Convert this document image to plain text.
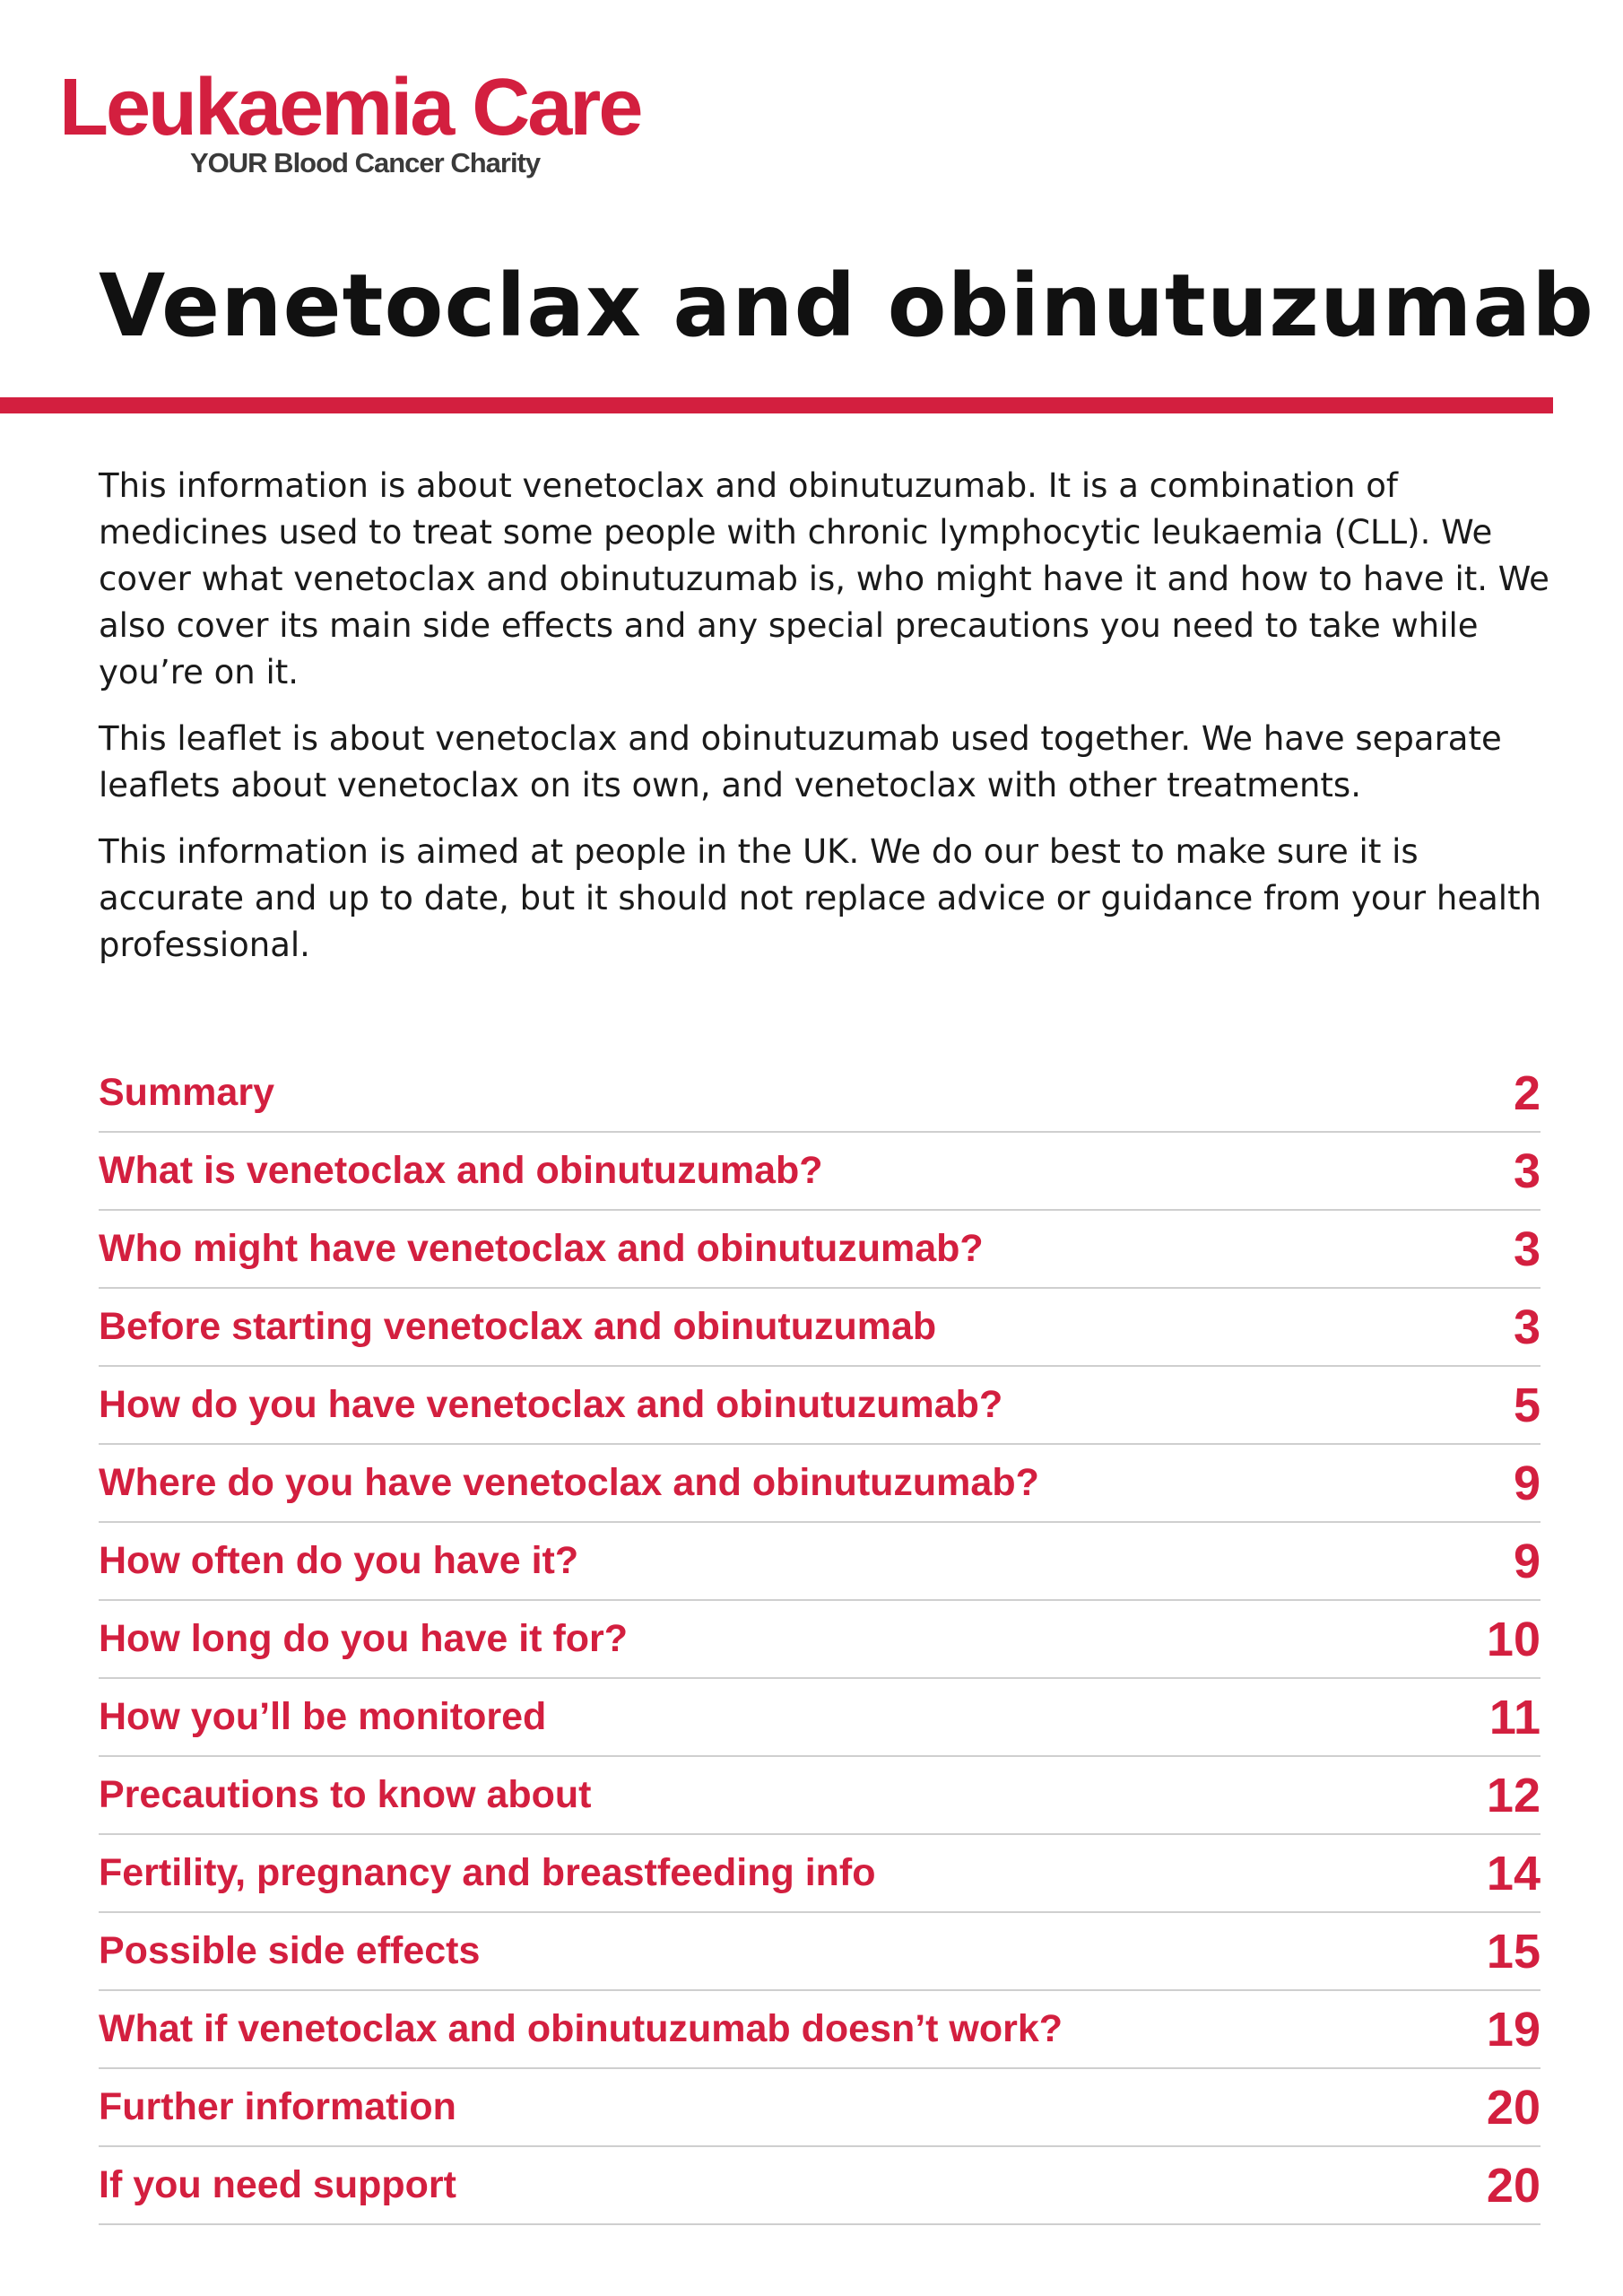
Leukaemia Care
YOUR Blood Cancer Charity
Venetoclax and obinutuzumab

This information is about venetoclax and obinutuzumab. It is a combination of medicines used to treat some people with chronic lymphocytic leukaemia (CLL). We cover what venetoclax and obinutuzumab is, who might have it and how to have it. We also cover its main side effects and any special precautions you need to take while you’re on it.

This leaflet is about venetoclax and obinutuzumab used together. We have separate leaflets about venetoclax on its own, and venetoclax with other treatments.

This information is aimed at people in the UK. We do our best to make sure it is accurate and up to date, but it should not replace advice or guidance from your health professional.

Summary	2
What is venetoclax and obinutuzumab?	3
Who might have venetoclax and obinutuzumab?	3
Before starting venetoclax and obinutuzumab	3
How do you have venetoclax and obinutuzumab?	5
Where do you have venetoclax and obinutuzumab?	9
How often do you have it?	9
How long do you have it for?	10
How you’ll be monitored	11
Precautions to know about	12
Fertility, pregnancy and breastfeeding info	14
Possible side effects	15
What if venetoclax and obinutuzumab doesn’t work?	19
Further information	20
If you need support	20
